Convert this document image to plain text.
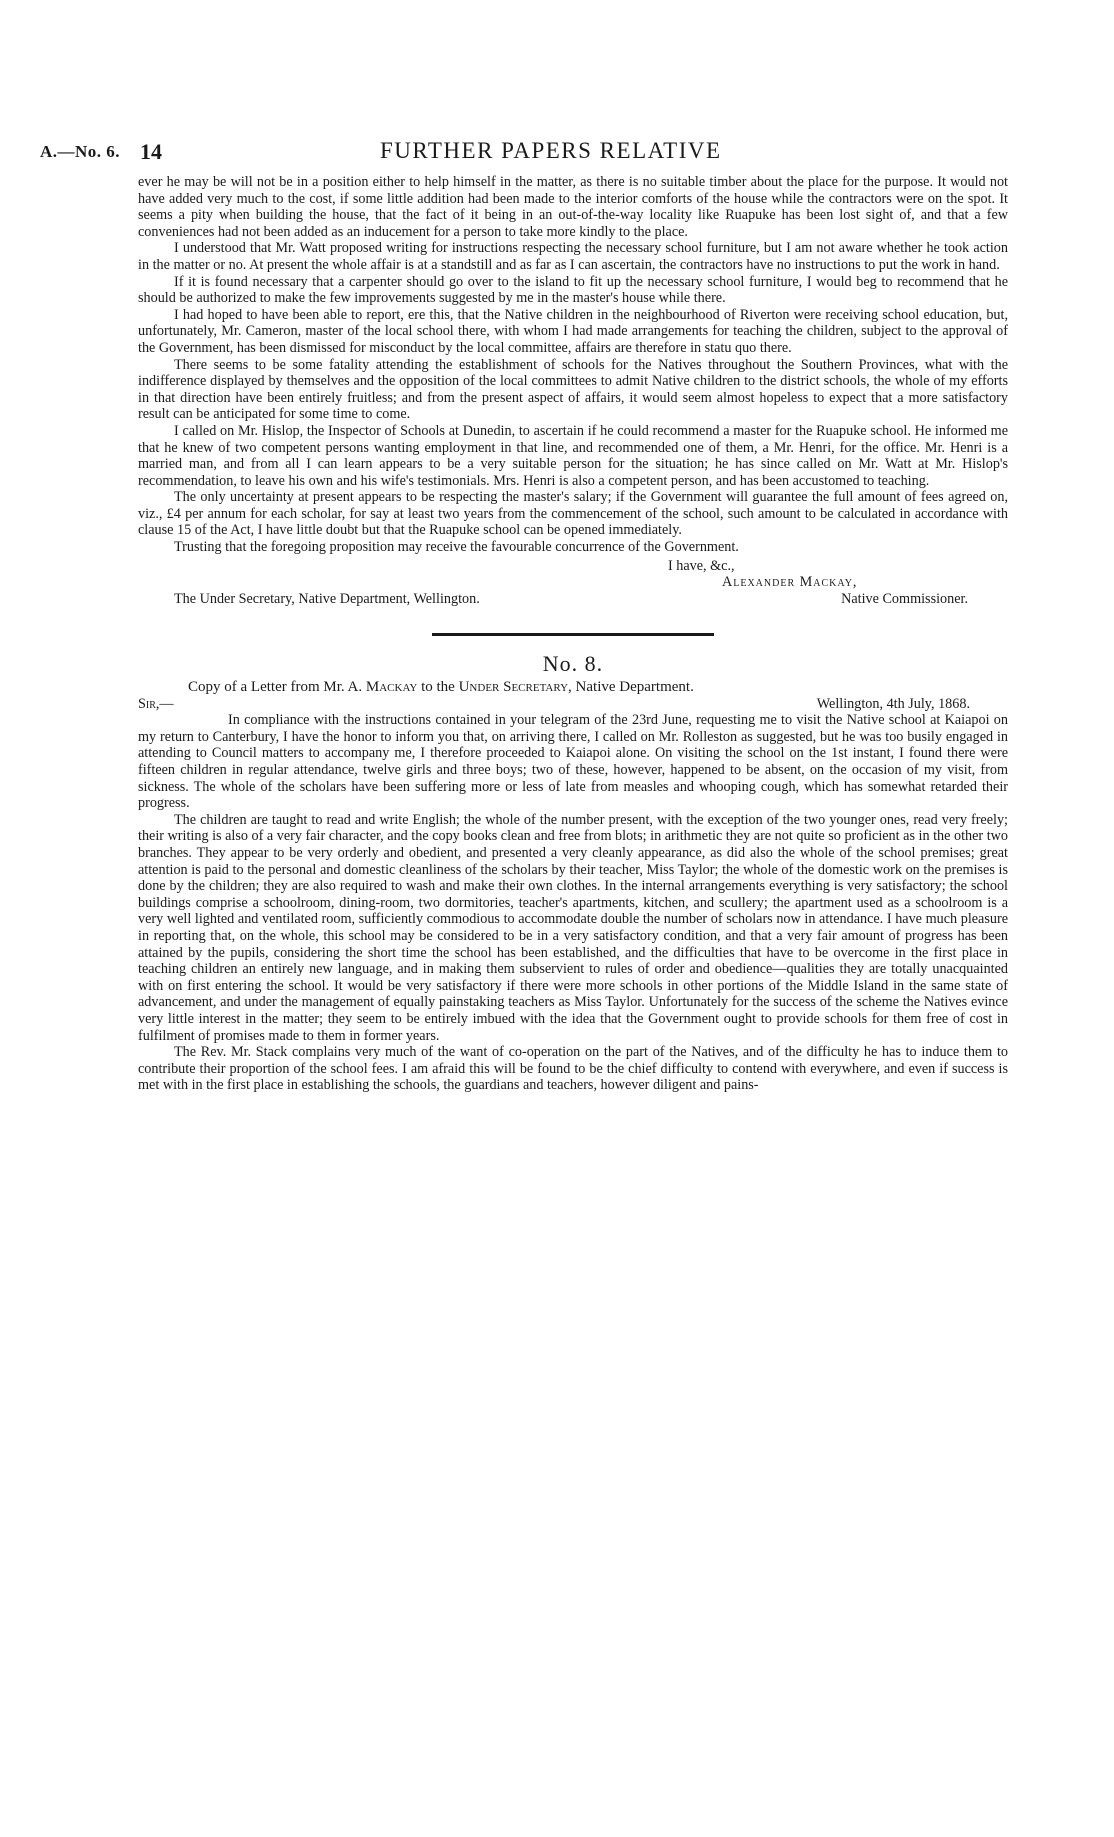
A.—No. 6. 14	FURTHER PAPERS RELATIVE

ever he may be will not be in a position either to help himself in the matter, as there is no suitable timber about the place for the purpose. It would not have added very much to the cost, if some little addition had been made to the interior comforts of the house while the contractors were on the spot. It seems a pity when building the house, that the fact of it being in an out-of-the-way locality like Ruapuke has been lost sight of, and that a few conveniences had not been added as an inducement for a person to take more kindly to the place.

I understood that Mr. Watt proposed writing for instructions respecting the necessary school furniture, but I am not aware whether he took action in the matter or no. At present the whole affair is at a standstill and as far as I can ascertain, the contractors have no instructions to put the work in hand.

If it is found necessary that a carpenter should go over to the island to fit up the necessary school furniture, I would beg to recommend that he should be authorized to make the few improvements suggested by me in the master's house while there.

I had hoped to have been able to report, ere this, that the Native children in the neighbourhood of Riverton were receiving school education, but, unfortunately, Mr. Cameron, master of the local school there, with whom I had made arrangements for teaching the children, subject to the approval of the Government, has been dismissed for misconduct by the local committee, affairs are therefore in statu quo there.

There seems to be some fatality attending the establishment of schools for the Natives throughout the Southern Provinces, what with the indifference displayed by themselves and the opposition of the local committees to admit Native children to the district schools, the whole of my efforts in that direction have been entirely fruitless; and from the present aspect of affairs, it would seem almost hopeless to expect that a more satisfactory result can be anticipated for some time to come.

I called on Mr. Hislop, the Inspector of Schools at Dunedin, to ascertain if he could recommend a master for the Ruapuke school. He informed me that he knew of two competent persons wanting employment in that line, and recommended one of them, a Mr. Henri, for the office. Mr. Henri is a married man, and from all I can learn appears to be a very suitable person for the situation; he has since called on Mr. Watt at Mr. Hislop's recommendation, to leave his own and his wife's testimonials. Mrs. Henri is also a competent person, and has been accustomed to teaching.

The only uncertainty at present appears to be respecting the master's salary; if the Government will guarantee the full amount of fees agreed on, viz., £4 per annum for each scholar, for say at least two years from the commencement of the school, such amount to be calculated in accordance with clause 15 of the Act, I have little doubt but that the Ruapuke school can be opened immediately.

Trusting that the foregoing proposition may receive the favourable concurrence of the Government.

I have, &c.,
Alexander Mackay,
The Under Secretary, Native Department, Wellington.	Native Commissioner.
No. 8.
Copy of a Letter from Mr. A. Mackay to the Under Secretary, Native Department.
Sir,—	Wellington, 4th July, 1868.

In compliance with the instructions contained in your telegram of the 23rd June, requesting me to visit the Native school at Kaiapoi on my return to Canterbury, I have the honor to inform you that, on arriving there, I called on Mr. Rolleston as suggested, but he was too busily engaged in attending to Council matters to accompany me, I therefore proceeded to Kaiapoi alone. On visiting the school on the 1st instant, I found there were fifteen children in regular attendance, twelve girls and three boys; two of these, however, happened to be absent, on the occasion of my visit, from sickness. The whole of the scholars have been suffering more or less of late from measles and whooping cough, which has somewhat retarded their progress.

The children are taught to read and write English; the whole of the number present, with the exception of the two younger ones, read very freely; their writing is also of a very fair character, and the copy books clean and free from blots; in arithmetic they are not quite so proficient as in the other two branches. They appear to be very orderly and obedient, and presented a very cleanly appearance, as did also the whole of the school premises; great attention is paid to the personal and domestic cleanliness of the scholars by their teacher, Miss Taylor; the whole of the domestic work on the premises is done by the children; they are also required to wash and make their own clothes. In the internal arrangements everything is very satisfactory; the school buildings comprise a schoolroom, dining-room, two dormitories, teacher's apartments, kitchen, and scullery; the apartment used as a schoolroom is a very well lighted and ventilated room, sufficiently commodious to accommodate double the number of scholars now in attendance. I have much pleasure in reporting that, on the whole, this school may be considered to be in a very satisfactory condition, and that a very fair amount of progress has been attained by the pupils, considering the short time the school has been established, and the difficulties that have to be overcome in the first place in teaching children an entirely new language, and in making them subservient to rules of order and obedience—qualities they are totally unacquainted with on first entering the school. It would be very satisfactory if there were more schools in other portions of the Middle Island in the same state of advancement, and under the management of equally painstaking teachers as Miss Taylor. Unfortunately for the success of the scheme the Natives evince very little interest in the matter; they seem to be entirely imbued with the idea that the Government ought to provide schools for them free of cost in fulfilment of promises made to them in former years.

The Rev. Mr. Stack complains very much of the want of co-operation on the part of the Natives, and of the difficulty he has to induce them to contribute their proportion of the school fees. I am afraid this will be found to be the chief difficulty to contend with everywhere, and even if success is met with in the first place in establishing the schools, the guardians and teachers, however diligent and pains-
